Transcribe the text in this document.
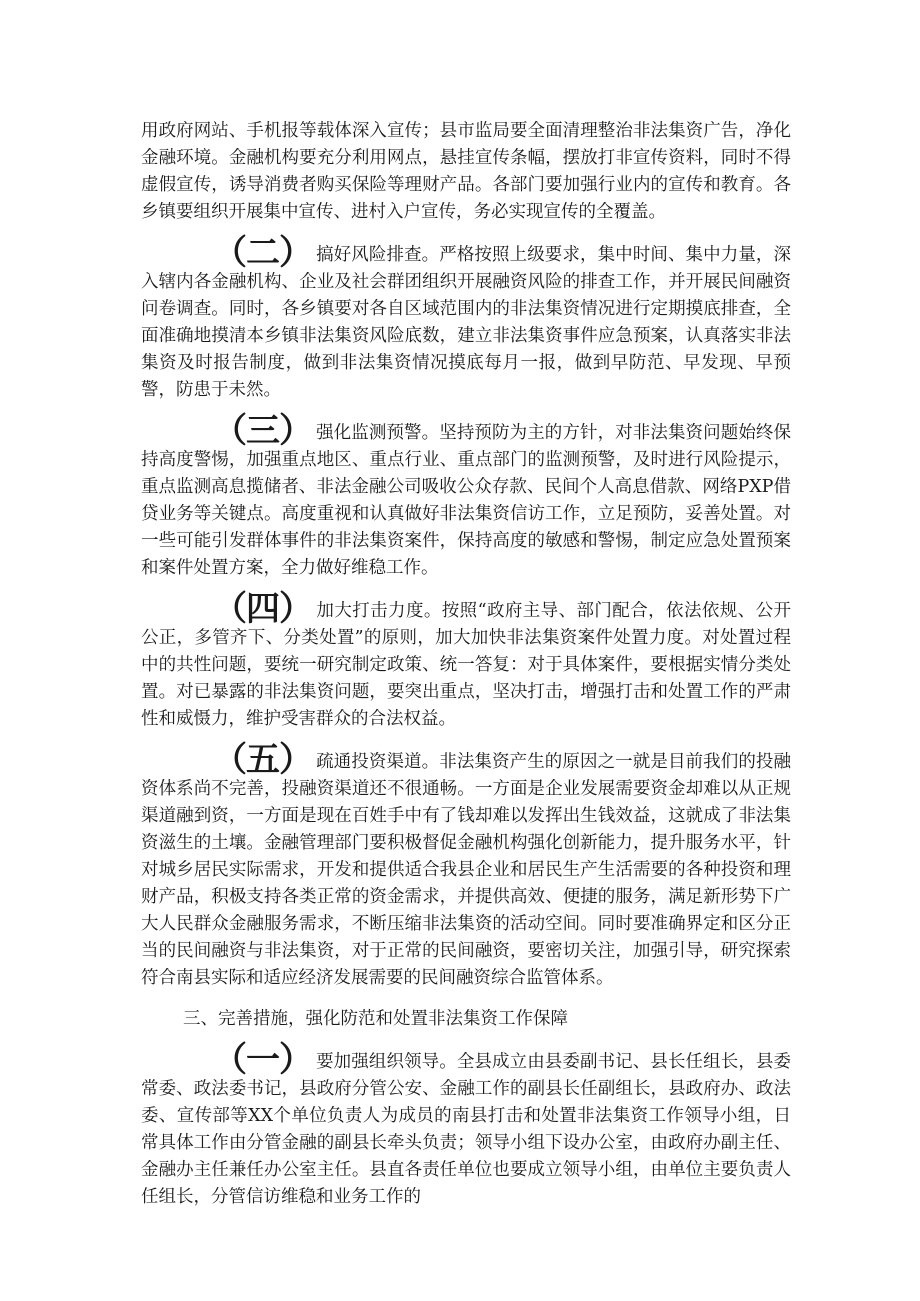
用政府网站、手机报等载体深入宣传；县市监局要全面清理整治非法集资广告，净化金融环境。金融机构要充分利用网点，悬挂宣传条幅，摆放打非宣传资料，同时不得虚假宣传，诱导消费者购买保险等理财产品。各部门要加强行业内的宣传和教育。各乡镇要组织开展集中宣传、进村入户宣传，务必实现宣传的全覆盖。

（二） 搞好风险排查。严格按照上级要求，集中时间、集中力量，深入辖内各金融机构、企业及社会群团组织开展融资风险的排查工作，并开展民间融资问卷调查。同时，各乡镇要对各自区域范围内的非法集资情况进行定期摸底排查，全面准确地摸清本乡镇非法集资风险底数，建立非法集资事件应急预案，认真落实非法集资及时报告制度，做到非法集资情况摸底每月一报，做到早防范、早发现、早预警，防患于未然。

（三） 强化监测预警。坚持预防为主的方针，对非法集资问题始终保持高度警惕，加强重点地区、重点行业、重点部门的监测预警，及时进行风险提示，重点监测高息揽储者、非法金融公司吸收公众存款、民间个人高息借款、网络PXP借贷业务等关键点。高度重视和认真做好非法集资信访工作，立足预防，妥善处置。对一些可能引发群体事件的非法集资案件，保持高度的敏感和警惕，制定应急处置预案和案件处置方案，全力做好维稳工作。

（四） 加大打击力度。按照“政府主导、部门配合，依法依规、公开公正，多管齐下、分类处置”的原则，加大加快非法集资案件处置力度。对处置过程中的共性问题，要统一研究制定政策、统一答复：对于具体案件，要根据实情分类处置。对已暴露的非法集资问题，要突出重点，坚决打击，增强打击和处置工作的严肃性和威慑力，维护受害群众的合法权益。

（五） 疏通投资渠道。非法集资产生的原因之一就是目前我们的投融资体系尚不完善，投融资渠道还不很通畅。一方面是企业发展需要资金却难以从正规渠道融到资，一方面是现在百姓手中有了钱却难以发挥出生钱效益，这就成了非法集资滋生的土壤。金融管理部门要积极督促金融机构强化创新能力，提升服务水平，针对城乡居民实际需求，开发和提供适合我县企业和居民生产生活需要的各种投资和理财产品，积极支持各类正常的资金需求，并提供高效、便捷的服务，满足新形势下广大人民群众金融服务需求，不断压缩非法集资的活动空间。同时要准确界定和区分正当的民间融资与非法集资，对于正常的民间融资，要密切关注，加强引导，研究探索符合南县实际和适应经济发展需要的民间融资综合监管体系。

三、完善措施，强化防范和处置非法集资工作保障

（一） 要加强组织领导。全县成立由县委副书记、县长任组长，县委常委、政法委书记，县政府分管公安、金融工作的副县长任副组长，县政府办、政法委、宣传部等XX个单位负责人为成员的南县打击和处置非法集资工作领导小组，日常具体工作由分管金融的副县长牵头负责；领导小组下设办公室，由政府办副主任、金融办主任兼任办公室主任。县直各责任单位也要成立领导小组，由单位主要负责人任组长，分管信访维稳和业务工作的
